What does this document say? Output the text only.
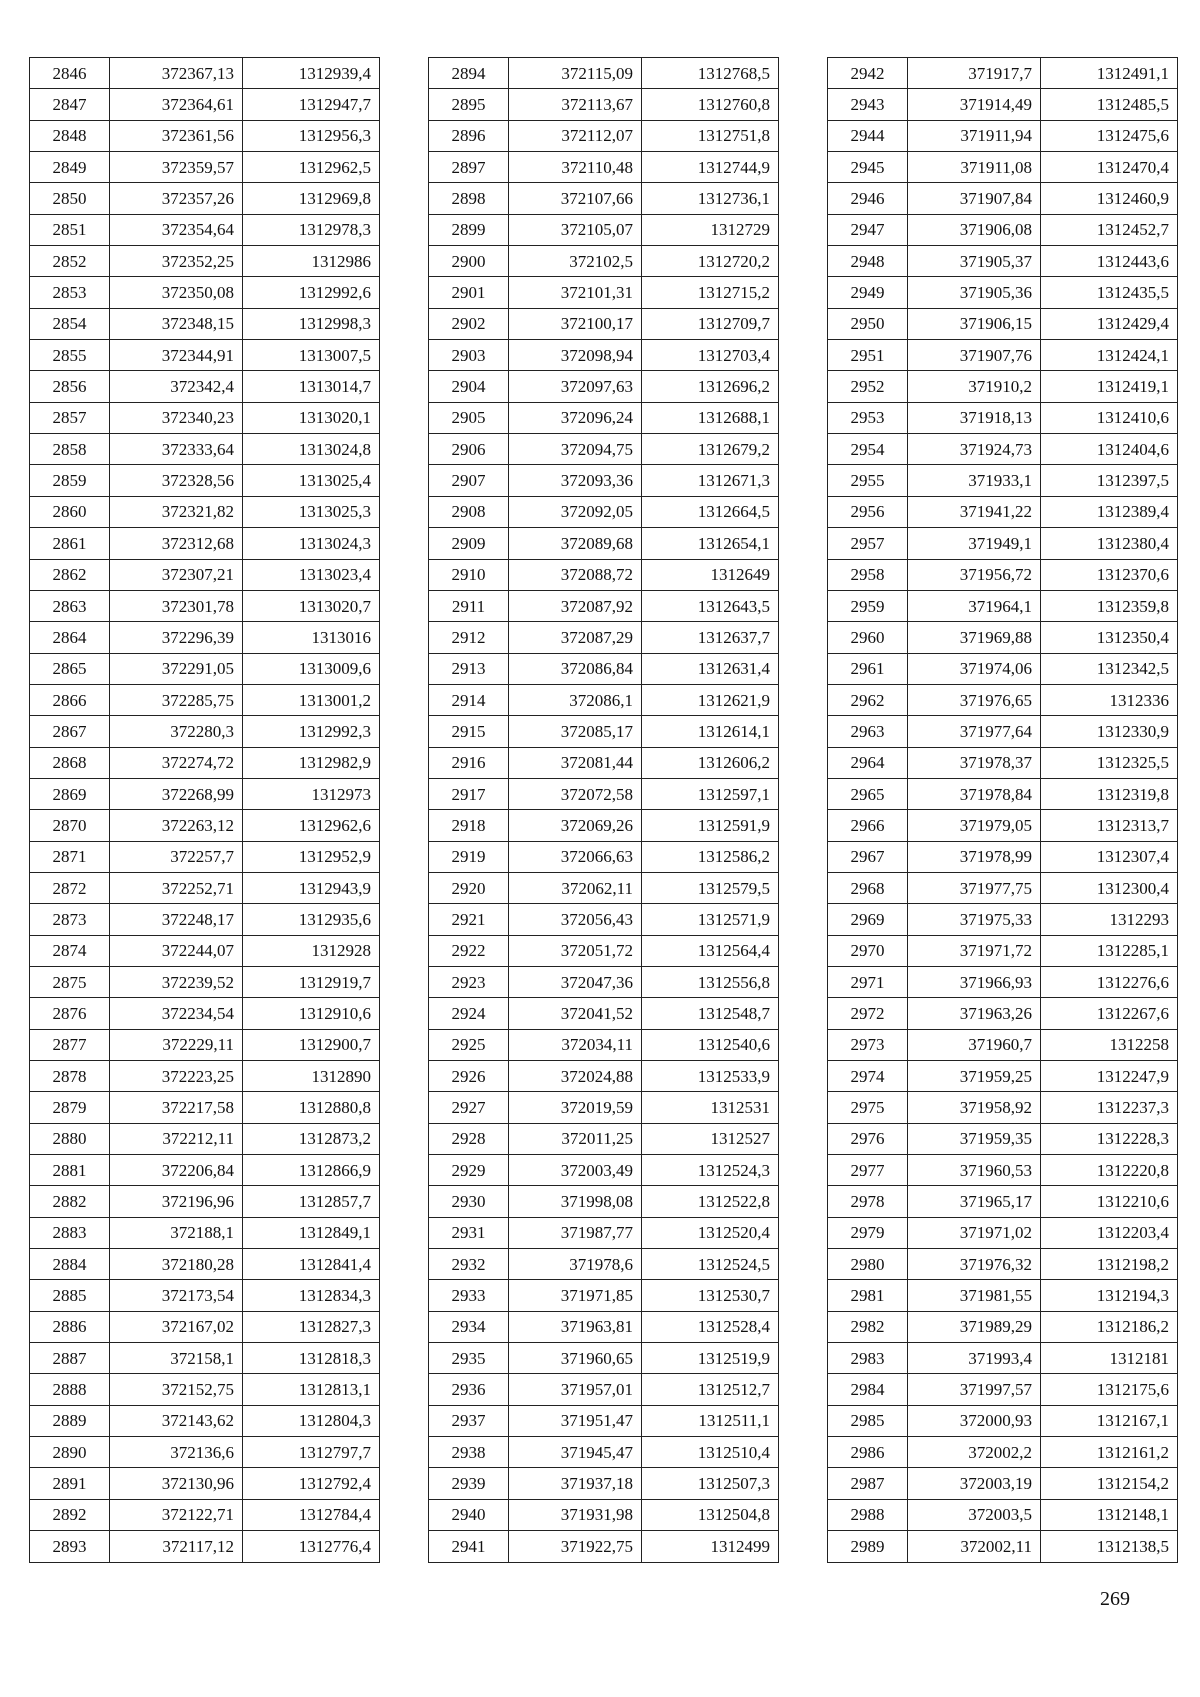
2846	372367,13	1312939,4
2847	372364,61	1312947,7
2848	372361,56	1312956,3
2849	372359,57	1312962,5
2850	372357,26	1312969,8
2851	372354,64	1312978,3
2852	372352,25	1312986
2853	372350,08	1312992,6
2854	372348,15	1312998,3
2855	372344,91	1313007,5
2856	372342,4	1313014,7
2857	372340,23	1313020,1
2858	372333,64	1313024,8
2859	372328,56	1313025,4
2860	372321,82	1313025,3
2861	372312,68	1313024,3
2862	372307,21	1313023,4
2863	372301,78	1313020,7
2864	372296,39	1313016
2865	372291,05	1313009,6
2866	372285,75	1313001,2
2867	372280,3	1312992,3
2868	372274,72	1312982,9
2869	372268,99	1312973
2870	372263,12	1312962,6
2871	372257,7	1312952,9
2872	372252,71	1312943,9
2873	372248,17	1312935,6
2874	372244,07	1312928
2875	372239,52	1312919,7
2876	372234,54	1312910,6
2877	372229,11	1312900,7
2878	372223,25	1312890
2879	372217,58	1312880,8
2880	372212,11	1312873,2
2881	372206,84	1312866,9
2882	372196,96	1312857,7
2883	372188,1	1312849,1
2884	372180,28	1312841,4
2885	372173,54	1312834,3
2886	372167,02	1312827,3
2887	372158,1	1312818,3
2888	372152,75	1312813,1
2889	372143,62	1312804,3
2890	372136,6	1312797,7
2891	372130,96	1312792,4
2892	372122,71	1312784,4
2893	372117,12	1312776,4
2894	372115,09	1312768,5
2895	372113,67	1312760,8
2896	372112,07	1312751,8
2897	372110,48	1312744,9
2898	372107,66	1312736,1
2899	372105,07	1312729
2900	372102,5	1312720,2
2901	372101,31	1312715,2
2902	372100,17	1312709,7
2903	372098,94	1312703,4
2904	372097,63	1312696,2
2905	372096,24	1312688,1
2906	372094,75	1312679,2
2907	372093,36	1312671,3
2908	372092,05	1312664,5
2909	372089,68	1312654,1
2910	372088,72	1312649
2911	372087,92	1312643,5
2912	372087,29	1312637,7
2913	372086,84	1312631,4
2914	372086,1	1312621,9
2915	372085,17	1312614,1
2916	372081,44	1312606,2
2917	372072,58	1312597,1
2918	372069,26	1312591,9
2919	372066,63	1312586,2
2920	372062,11	1312579,5
2921	372056,43	1312571,9
2922	372051,72	1312564,4
2923	372047,36	1312556,8
2924	372041,52	1312548,7
2925	372034,11	1312540,6
2926	372024,88	1312533,9
2927	372019,59	1312531
2928	372011,25	1312527
2929	372003,49	1312524,3
2930	371998,08	1312522,8
2931	371987,77	1312520,4
2932	371978,6	1312524,5
2933	371971,85	1312530,7
2934	371963,81	1312528,4
2935	371960,65	1312519,9
2936	371957,01	1312512,7
2937	371951,47	1312511,1
2938	371945,47	1312510,4
2939	371937,18	1312507,3
2940	371931,98	1312504,8
2941	371922,75	1312499
2942	371917,7	1312491,1
2943	371914,49	1312485,5
2944	371911,94	1312475,6
2945	371911,08	1312470,4
2946	371907,84	1312460,9
2947	371906,08	1312452,7
2948	371905,37	1312443,6
2949	371905,36	1312435,5
2950	371906,15	1312429,4
2951	371907,76	1312424,1
2952	371910,2	1312419,1
2953	371918,13	1312410,6
2954	371924,73	1312404,6
2955	371933,1	1312397,5
2956	371941,22	1312389,4
2957	371949,1	1312380,4
2958	371956,72	1312370,6
2959	371964,1	1312359,8
2960	371969,88	1312350,4
2961	371974,06	1312342,5
2962	371976,65	1312336
2963	371977,64	1312330,9
2964	371978,37	1312325,5
2965	371978,84	1312319,8
2966	371979,05	1312313,7
2967	371978,99	1312307,4
2968	371977,75	1312300,4
2969	371975,33	1312293
2970	371971,72	1312285,1
2971	371966,93	1312276,6
2972	371963,26	1312267,6
2973	371960,7	1312258
2974	371959,25	1312247,9
2975	371958,92	1312237,3
2976	371959,35	1312228,3
2977	371960,53	1312220,8
2978	371965,17	1312210,6
2979	371971,02	1312203,4
2980	371976,32	1312198,2
2981	371981,55	1312194,3
2982	371989,29	1312186,2
2983	371993,4	1312181
2984	371997,57	1312175,6
2985	372000,93	1312167,1
2986	372002,2	1312161,2
2987	372003,19	1312154,2
2988	372003,5	1312148,1
2989	372002,11	1312138,5
269
